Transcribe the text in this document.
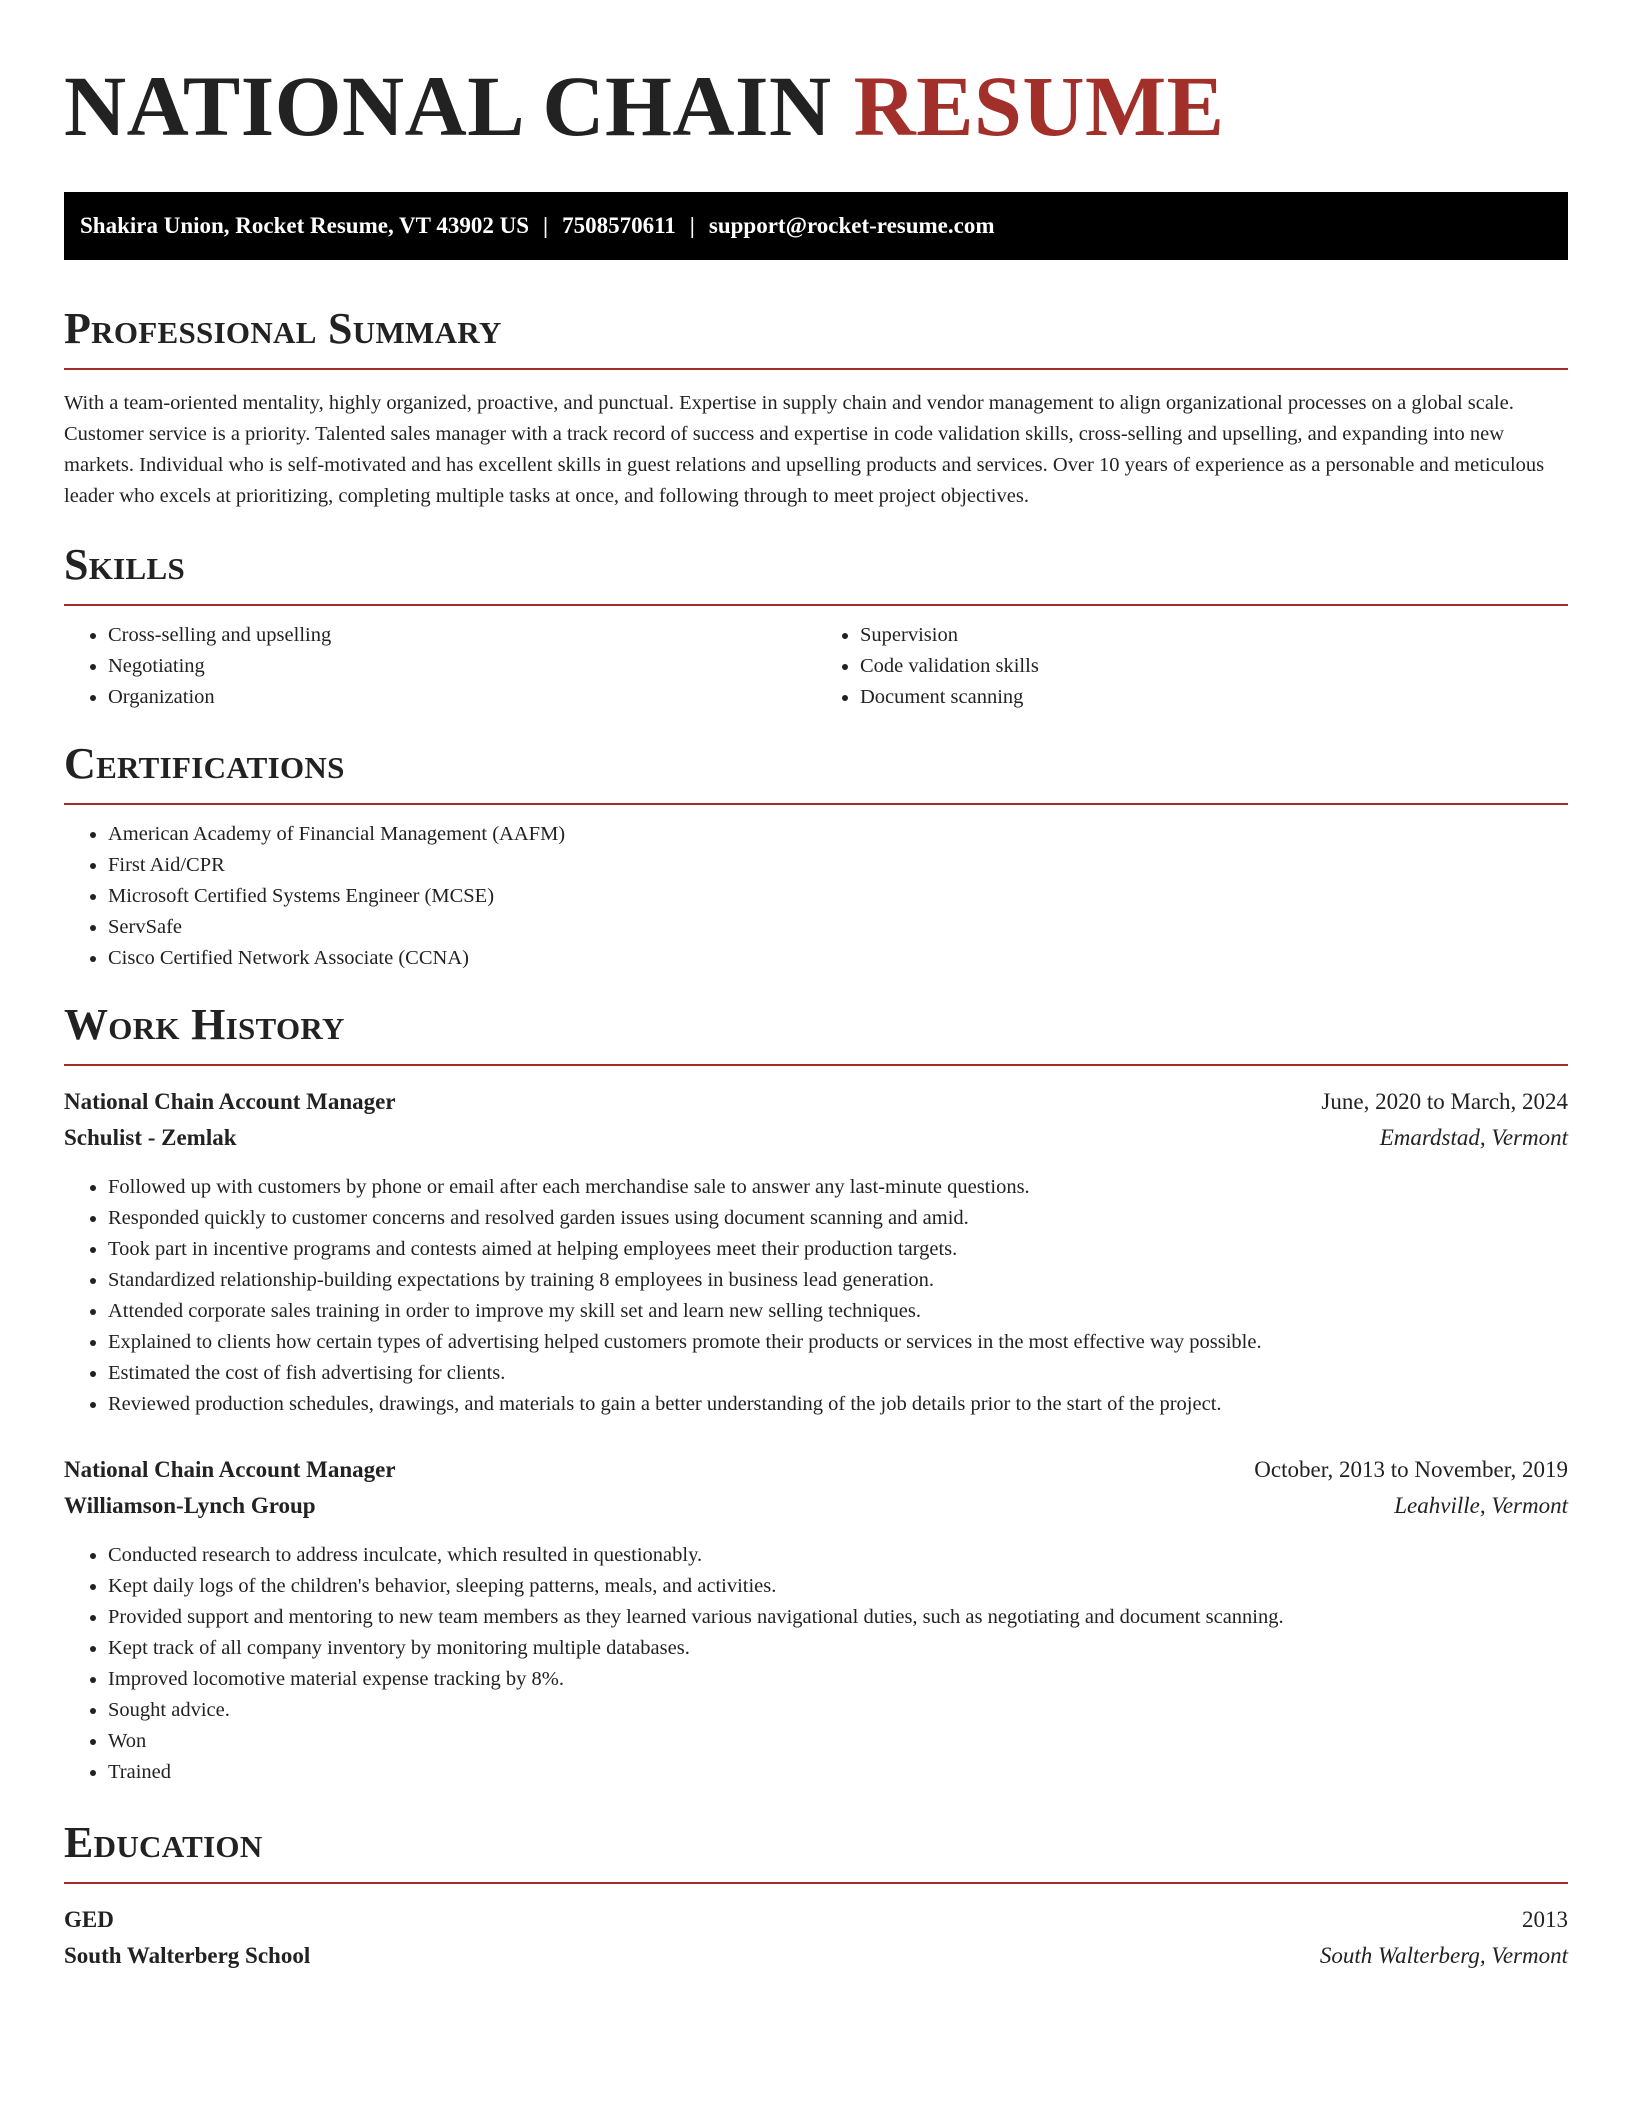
NATIONAL CHAIN RESUME
Shakira Union, Rocket Resume, VT 43902 US | 7508570611 | support@rocket-resume.com
Professional Summary

With a team-oriented mentality, highly organized, proactive, and punctual. Expertise in supply chain and vendor management to align organizational processes on a global scale. Customer service is a priority. Talented sales manager with a track record of success and expertise in code validation skills, cross-selling and upselling, and expanding into new markets. Individual who is self-motivated and has excellent skills in guest relations and upselling products and services. Over 10 years of experience as a personable and meticulous leader who excels at prioritizing, completing multiple tasks at once, and following through to meet project objectives.

Skills
• Cross-selling and upselling
• Negotiating
• Organization
• Supervision
• Code validation skills
• Document scanning
Certifications
• American Academy of Financial Management (AAFM)
• First Aid/CPR
• Microsoft Certified Systems Engineer (MCSE)
• ServSafe
• Cisco Certified Network Associate (CCNA)
Work History
National Chain Account Manager	June, 2020 to March, 2024
Schulist - Zemlak	Emardstad, Vermont
• Followed up with customers by phone or email after each merchandise sale to answer any last-minute questions.
• Responded quickly to customer concerns and resolved garden issues using document scanning and amid.
• Took part in incentive programs and contests aimed at helping employees meet their production targets.
• Standardized relationship-building expectations by training 8 employees in business lead generation.
• Attended corporate sales training in order to improve my skill set and learn new selling techniques.
• Explained to clients how certain types of advertising helped customers promote their products or services in the most effective way possible.
• Estimated the cost of fish advertising for clients.
• Reviewed production schedules, drawings, and materials to gain a better understanding of the job details prior to the start of the project.
National Chain Account Manager	October, 2013 to November, 2019
Williamson-Lynch Group	Leahville, Vermont
• Conducted research to address inculcate, which resulted in questionably.
• Kept daily logs of the children's behavior, sleeping patterns, meals, and activities.
• Provided support and mentoring to new team members as they learned various navigational duties, such as negotiating and document scanning.
• Kept track of all company inventory by monitoring multiple databases.
• Improved locomotive material expense tracking by 8%.
• Sought advice.
• Won
• Trained
Education
GED	2013
South Walterberg School	South Walterberg, Vermont
